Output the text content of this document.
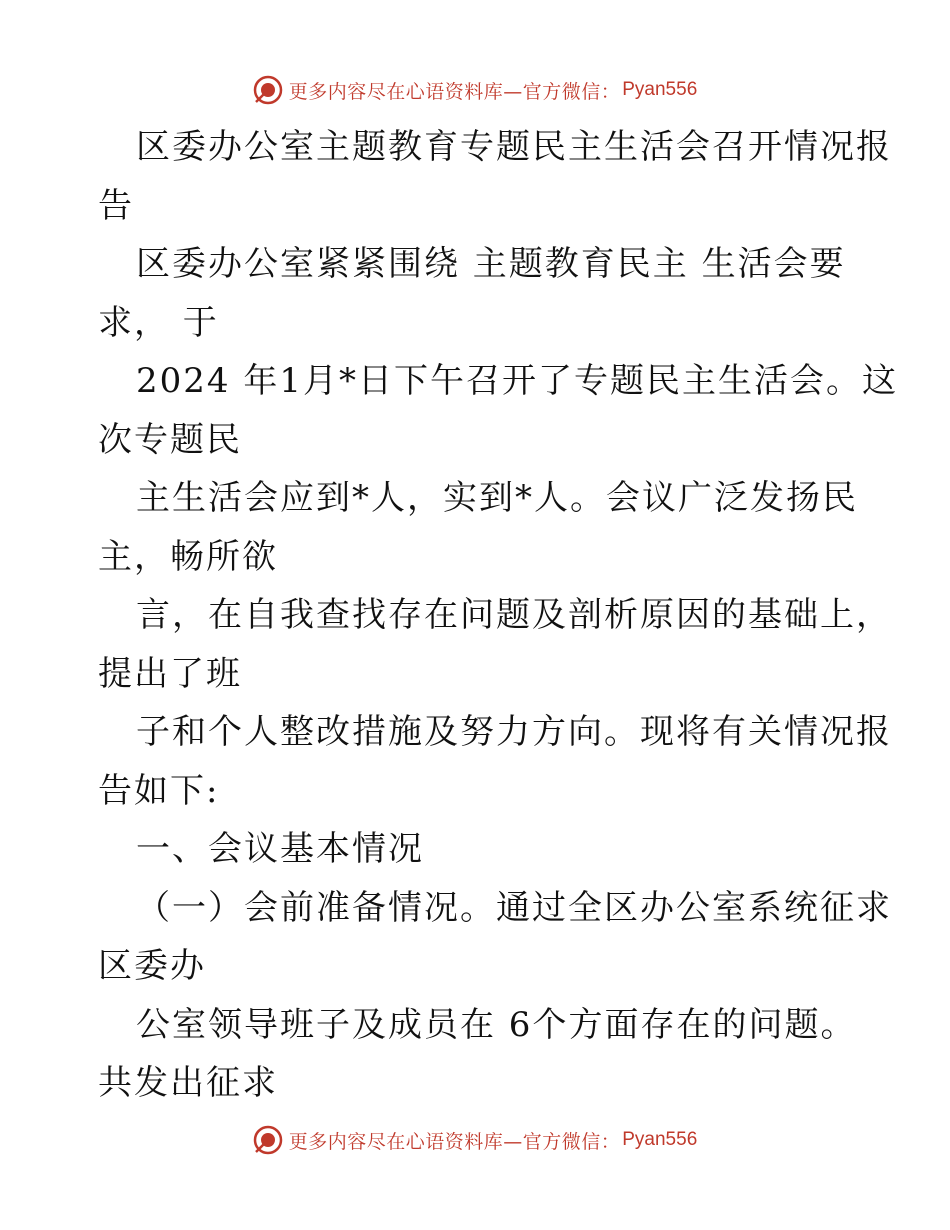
更多内容尽在心语资料库—官方微信： Pyan556
区委办公室主题教育专题民主生活会召开情况报
告
区委办公室紧紧围绕 主题教育民主 生活会要
求， 于
2024 年1月*日下午召开了专题民主生活会。这
次专题民
主生活会应到*人，实到*人。会议广泛发扬民
主，畅所欲
言，在自我查找存在问题及剖析原因的基础上，
提出了班
子和个人整改措施及努力方向。现将有关情况报
告如下:
一、会议基本情况
（一）会前准备情况。通过全区办公室系统征求
区委办
公室领导班子及成员在 6个方面存在的问题。
共发出征求
更多内容尽在心语资料库—官方微信： Pyan556
